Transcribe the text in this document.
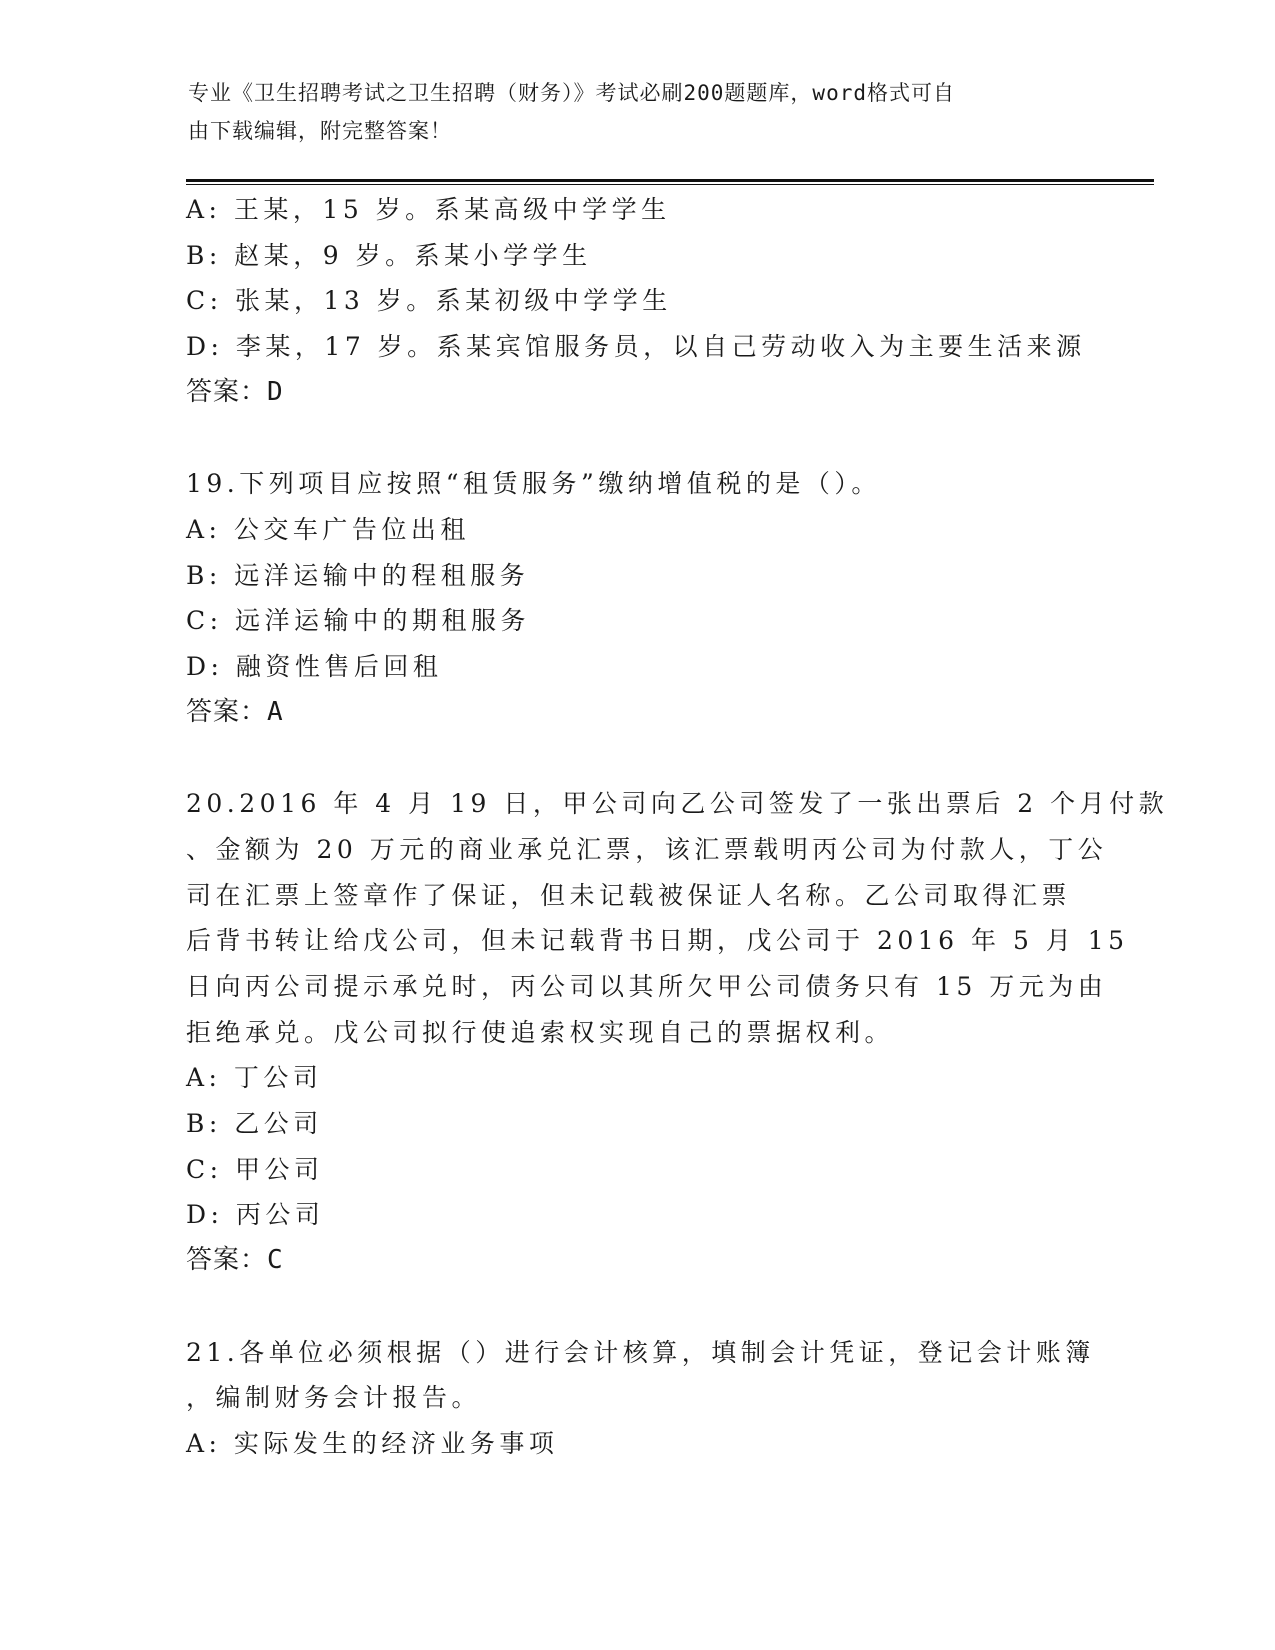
专业《卫生招聘考试之卫生招聘（财务）》考试必刷200题题库，word格式可自
由下载编辑，附完整答案！

A: 王某，15 岁。系某高级中学学生

B: 赵某，9 岁。系某小学学生

C: 张某，13 岁。系某初级中学学生

D: 李某，17 岁。系某宾馆服务员，以自己劳动收入为主要生活来源

答案：D

19.下列项目应按照“租赁服务”缴纳增值税的是（）。

A: 公交车广告位出租

B: 远洋运输中的程租服务

C: 远洋运输中的期租服务

D: 融资性售后回租

答案：A

20.2016 年 4 月 19 日，甲公司向乙公司签发了一张出票后 2 个月付款
、金额为 20 万元的商业承兑汇票，该汇票载明丙公司为付款人，丁公
司在汇票上签章作了保证，但未记载被保证人名称。乙公司取得汇票
后背书转让给戊公司，但未记载背书日期，戊公司于 2016 年 5 月 15
日向丙公司提示承兑时，丙公司以其所欠甲公司债务只有 15 万元为由
拒绝承兑。戊公司拟行使追索权实现自己的票据权利。

A: 丁公司

B: 乙公司

C: 甲公司

D: 丙公司

答案：C

21.各单位必须根据（）进行会计核算，填制会计凭证，登记会计账簿
，编制财务会计报告。

A: 实际发生的经济业务事项
